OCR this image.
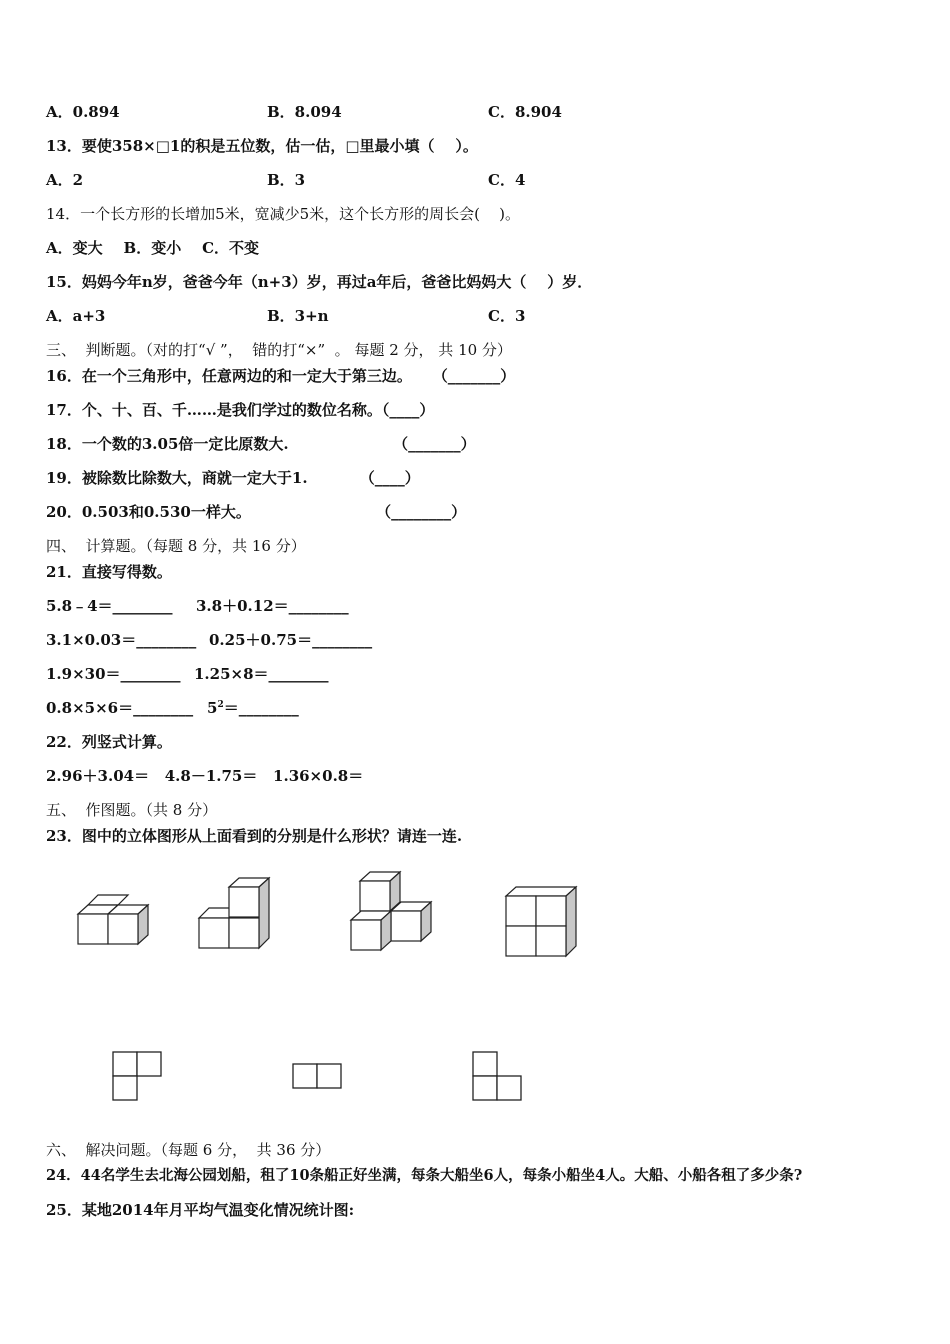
A．0.894	B．8.094	C．8.904
13．要使358×□1的积是五位数，估一估，□里最小填（    ）。
A．2	B．3	C．4
14．一个长方形的长增加5米，宽减少5米，这个长方形的周长会(    )。
A．变大    B．变小    C．不变
15．妈妈今年n岁，爸爸今年（n+3）岁，再过a年后，爸爸比妈妈大（    ）岁．
A．a+3	B．3+n	C．3
三、  判断题。（对的打“√ ”，  错的打“×”  。 每题 2 分， 共 10 分）
16．在一个三角形中，任意两边的和一定大于第三边。    （_______）
17．个、十、百、千……是我们学过的数位名称。（____）
18．一个数的3.05倍一定比原数大.                    （_______）
19．被除数比除数大，商就一定大于1.          （____）
20．0.503和0.530一样大。                        （________）
四、  计算题。（每题 8 分，共 16 分）
21．直接写得数。
5.8﹣4＝________ 3.8＋0.12＝________
3.1×0.03＝________ 0.25＋0.75＝________
1.9×30＝________ 1.25×8＝________
0.8×5×6＝________ $5^2=\_\_\_\_\_\_\_\_$
22．列竖式计算。
2.96＋3.04＝   4.8－1.75＝   1.36×0.8＝
五、  作图题。（共 8 分）
23．图中的立体图形从上面看到的分别是什么形状？请连一连.
六、  解决问题。（每题 6 分，  共 36 分）
24．44名学生去北海公园划船，租了10条船正好坐满，每条大船坐6人，每条小船坐4人。大船、小船各租了多少条?
25．某地2014年月平均气温变化情况统计图:
